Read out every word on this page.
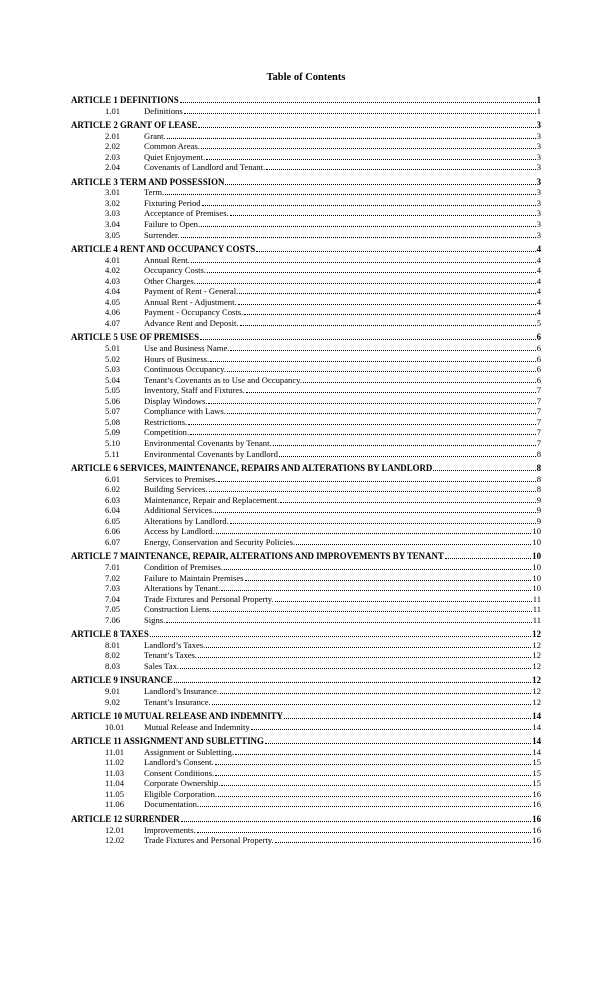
Table of Contents
ARTICLE 1 DEFINITIONS	1
1.01	Definitions	1
ARTICLE 2 GRANT OF LEASE	3
2.01	Grant.	3
2.02	Common Areas.	3
2.03	Quiet Enjoyment.	3
2.04	Covenants of Landlord and Tenant.	3
ARTICLE 3 TERM AND POSSESSION	3
3.01	Term.	3
3.02	Fixturing Period	3
3.03	Acceptance of Premises.	3
3.04	Failure to Open.	3
3.05	Surrender.	3
ARTICLE 4 RENT AND OCCUPANCY COSTS	4
4.01	Annual Rent.	4
4.02	Occupancy Costs.	4
4.03	Other Charges.	4
4.04	Payment of Rent - General.	4
4.05	Annual Rent - Adjustment.	4
4.06	Payment - Occupancy Costs.	4
4.07	Advance Rent and Deposit.	5
ARTICLE 5 USE OF PREMISES	6
5.01	Use and Business Name.	6
5.02	Hours of Business.	6
5.03	Continuous Occupancy.	6
5.04	Tenant’s Covenants as to Use and Occupancy.	6
5.05	Inventory, Staff and Fixtures.	7
5.06	Display Windows.	7
5.07	Compliance with Laws.	7
5.08	Restrictions.	7
5.09	Competition.	7
5.10	Environmental Covenants by Tenant.	7
5.11	Environmental Covenants by Landlord	8
ARTICLE 6 SERVICES, MAINTENANCE, REPAIRS AND ALTERATIONS BY LANDLORD	8
6.01	Services to Premises.	8
6.02	Building Services.	8
6.03	Maintenance, Repair and Replacement.	9
6.04	Additional Services.	9
6.05	Alterations by Landlord.	9
6.06	Access by Landlord.	10
6.07	Energy, Conservation and Security Policies.	10
ARTICLE 7 MAINTENANCE, REPAIR, ALTERATIONS AND IMPROVEMENTS BY TENANT	10
7.01	Condition of Premises.	10
7.02	Failure to Maintain Premises	10
7.03	Alterations by Tenant.	10
7.04	Trade Fixtures and Personal Property.	11
7.05	Construction Liens.	11
7.06	Signs.	11
ARTICLE 8 TAXES	12
8.01	Landlord’s Taxes.	12
8.02	Tenant’s Taxes.	12
8.03	Sales Tax.	12
ARTICLE 9 INSURANCE	12
9.01	Landlord’s Insurance.	12
9.02	Tenant’s Insurance.	12
ARTICLE 10 MUTUAL RELEASE AND INDEMNITY	14
10.01	Mutual Release and Indemnity	14
ARTICLE 11 ASSIGNMENT AND SUBLETTING	14
11.01	Assignment or Subletting.	14
11.02	Landlord’s Consent.	15
11.03	Consent Conditions.	15
11.04	Corporate Ownership.	15
11.05	Eligible Corporation.	16
11.06	Documentation.	16
ARTICLE 12 SURRENDER	16
12.01	Improvements.	16
12.02	Trade Fixtures and Personal Property.	16
